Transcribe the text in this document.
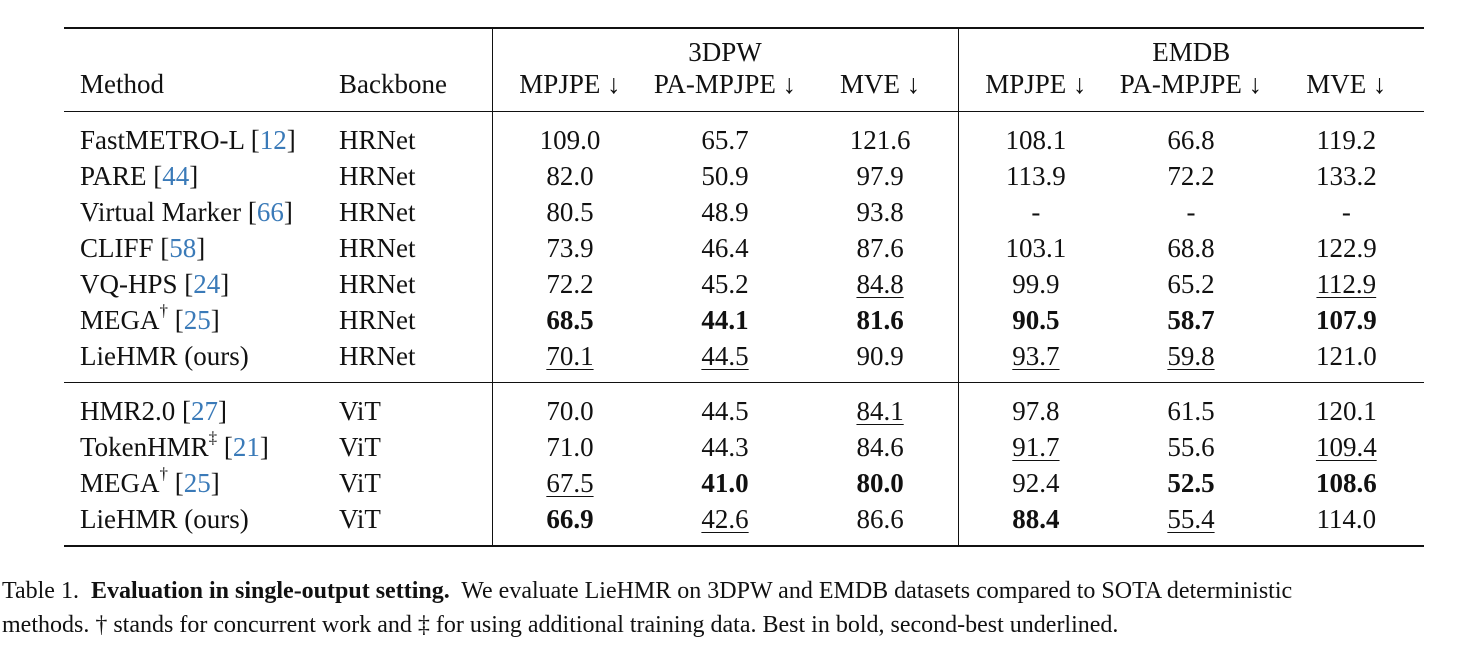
		3DPW			EMDB		
Method	Backbone	MPJPE ↓	PA-MPJPE ↓	MVE ↓	MPJPE ↓	PA-MPJPE ↓	MVE ↓
FastMETRO-L [12]	HRNet	109.0	65.7	121.6	108.1	66.8	119.2
PARE [44]	HRNet	82.0	50.9	97.9	113.9	72.2	133.2
Virtual Marker [66]	HRNet	80.5	48.9	93.8	-	-	-
CLIFF [58]	HRNet	73.9	46.4	87.6	103.1	68.8	122.9
VQ-HPS [24]	HRNet	72.2	45.2	84.8	99.9	65.2	112.9
MEGA† [25]	HRNet	68.5	44.1	81.6	90.5	58.7	107.9
LieHMR (ours)	HRNet	70.1	44.5	90.9	93.7	59.8	121.0
HMR2.0 [27]	ViT	70.0	44.5	84.1	97.8	61.5	120.1
TokenHMR‡ [21]	ViT	71.0	44.3	84.6	91.7	55.6	109.4
MEGA† [25]	ViT	67.5	41.0	80.0	92.4	52.5	108.6
LieHMR (ours)	ViT	66.9	42.6	86.6	88.4	55.4	114.0
Table 1. Evaluation in single-output setting. We evaluate LieHMR on 3DPW and EMDB datasets compared to SOTA deterministic
methods. † stands for concurrent work and ‡ for using additional training data. Best in bold, second-best underlined.
